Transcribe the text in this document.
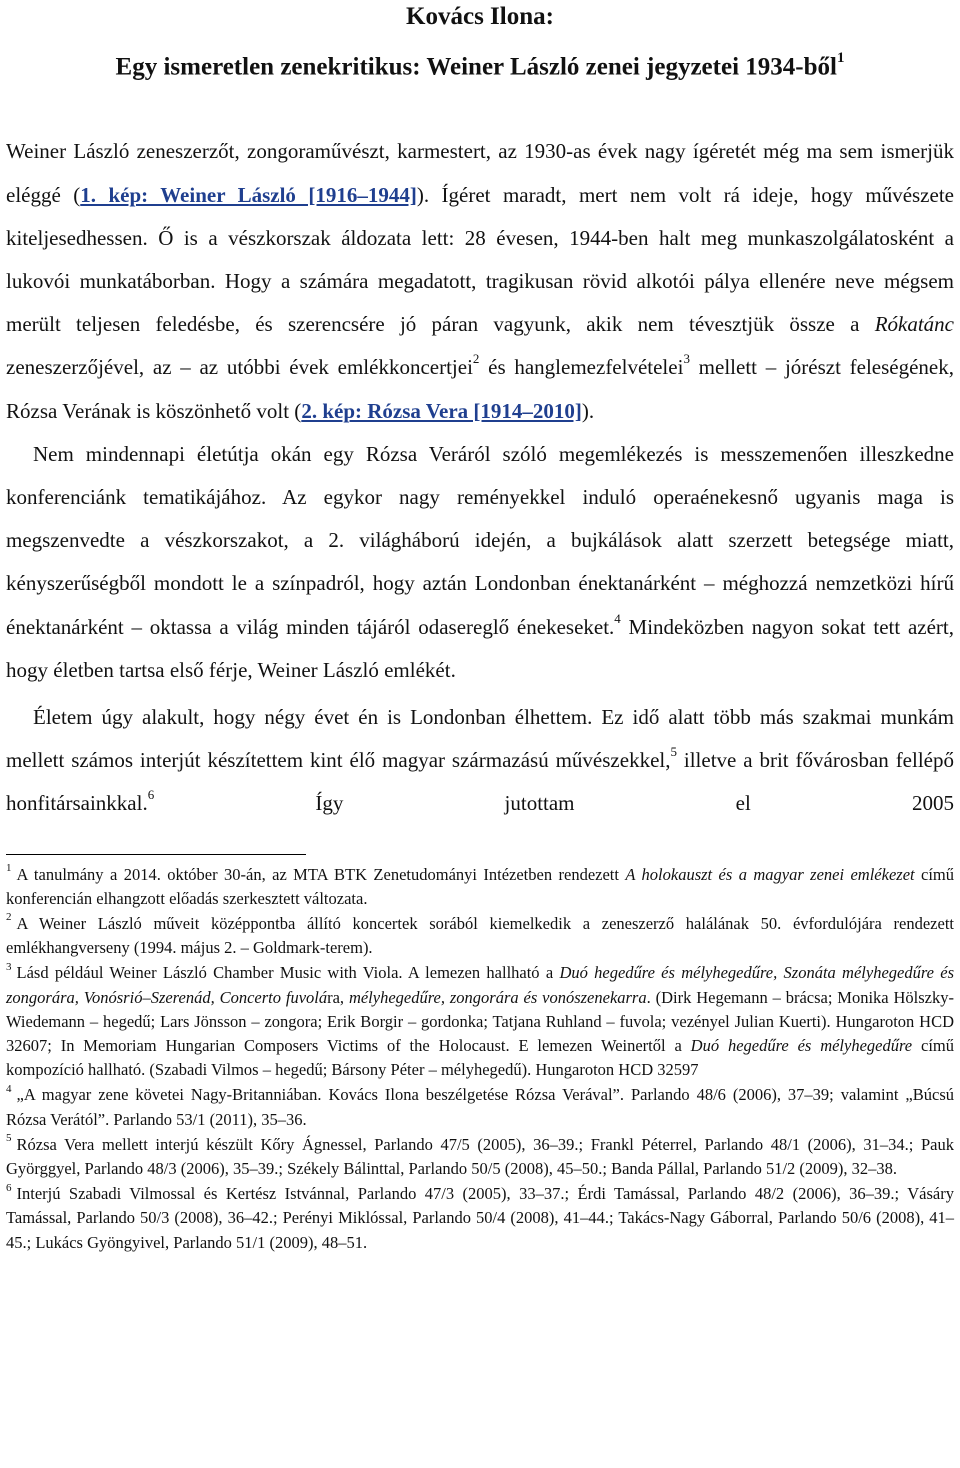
Kovács Ilona:
Egy ismeretlen zenekritikus: Weiner László zenei jegyzetei 1934-ből$^1$

Weiner László zeneszerzőt, zongoraművészt, karmestert, az 1930-as évek nagy ígéretét még ma sem ismerjük eléggé (1. kép: Weiner László [1916–1944]). Ígéret maradt, mert nem volt rá ideje, hogy művészete kiteljesedhessen. Ő is a vészkorszak áldozata lett: 28 évesen, 1944-ben halt meg munkaszolgálatosként a lukovói munkatáborban. Hogy a számára megadatott, tragikusan rövid alkotói pálya ellenére neve mégsem merült teljesen feledésbe, és szerencsére jó páran vagyunk, akik nem tévesztjük össze a Rókatánc zeneszerzőjével, az – az utóbbi évek emlékkoncertjei$^2$ és hanglemezfelvételei$^3$ mellett – jórészt feleségének, Rózsa Verának is köszönhető volt (2. kép: Rózsa Vera [1914–2010]).

Nem mindennapi életútja okán egy Rózsa Veráról szóló megemlékezés is messzemenően illeszkedne konferenciánk tematikájához. Az egykor nagy reményekkel induló operaénekesnő ugyanis maga is megszenvedte a vészkorszakot, a 2. világháború idején, a bujkálások alatt szerzett betegsége miatt, kényszerűségből mondott le a színpadról, hogy aztán Londonban énektanárként – méghozzá nemzetközi hírű énektanárként – oktassa a világ minden tájáról odasereglő énekeseket.$^4$ Mindeközben nagyon sokat tett azért, hogy életben tartsa első férje, Weiner László emlékét.

Életem úgy alakult, hogy négy évet én is Londonban élhettem. Ez idő alatt több más szakmai munkám mellett számos interjút készítettem kint élő magyar származású művészekkel,$^5$ illetve a brit fővárosban fellépő honfitársainkkal.$^6$ Így jutottam el 2005

$^1$ A tanulmány a 2014. október 30-án, az MTA BTK Zenetudományi Intézetben rendezett A holokauszt és a magyar zenei emlékezet című konferencián elhangzott előadás szerkesztett változata.

$^2$ A Weiner László műveit középpontba állító koncertek sorából kiemelkedik a zeneszerző halálának 50. évfordulójára rendezett emlékhangverseny (1994. május 2. – Goldmark-terem).

$^3$ Lásd például Weiner László Chamber Music with Viola. A lemezen hallható a Duó hegedűre és mélyhegedűre, Szonáta mélyhegedűre és zongorára, Vonósrió–Szerenád, Concerto fuvolára, mélyhegedűre, zongorára és vonószenekarra. (Dirk Hegemann – brácsa; Monika Hölszky-Wiedemann – hegedű; Lars Jönsson – zongora; Erik Borgir – gordonka; Tatjana Ruhland – fuvola; vezényel Julian Kuerti). Hungaroton HCD 32607; In Memoriam Hungarian Composers Victims of the Holocaust. E lemezen Weinertől a Duó hegedűre és mélyhegedűre című kompozíció hallható. (Szabadi Vilmos – hegedű; Bársony Péter – mélyhegedű). Hungaroton HCD 32597

$^4$ „A magyar zene követei Nagy-Britanniában. Kovács Ilona beszélgetése Rózsa Verával”. Parlando 48/6 (2006), 37–39; valamint „Búcsú Rózsa Verától”. Parlando 53/1 (2011), 35–36.

$^5$ Rózsa Vera mellett interjú készült Kőry Ágnessel, Parlando 47/5 (2005), 36–39.; Frankl Péterrel, Parlando 48/1 (2006), 31–34.; Pauk Györggyel, Parlando 48/3 (2006), 35–39.; Székely Bálinttal, Parlando 50/5 (2008), 45–50.; Banda Pállal, Parlando 51/2 (2009), 32–38.

$^6$ Interjú Szabadi Vilmossal és Kertész Istvánnal, Parlando 47/3 (2005), 33–37.; Érdi Tamással, Parlando 48/2 (2006), 36–39.; Vásáry Tamással, Parlando 50/3 (2008), 36–42.; Perényi Miklóssal, Parlando 50/4 (2008), 41–44.; Takács-Nagy Gáborral, Parlando 50/6 (2008), 41–45.; Lukács Gyöngyivel, Parlando 51/1 (2009), 48–51.
